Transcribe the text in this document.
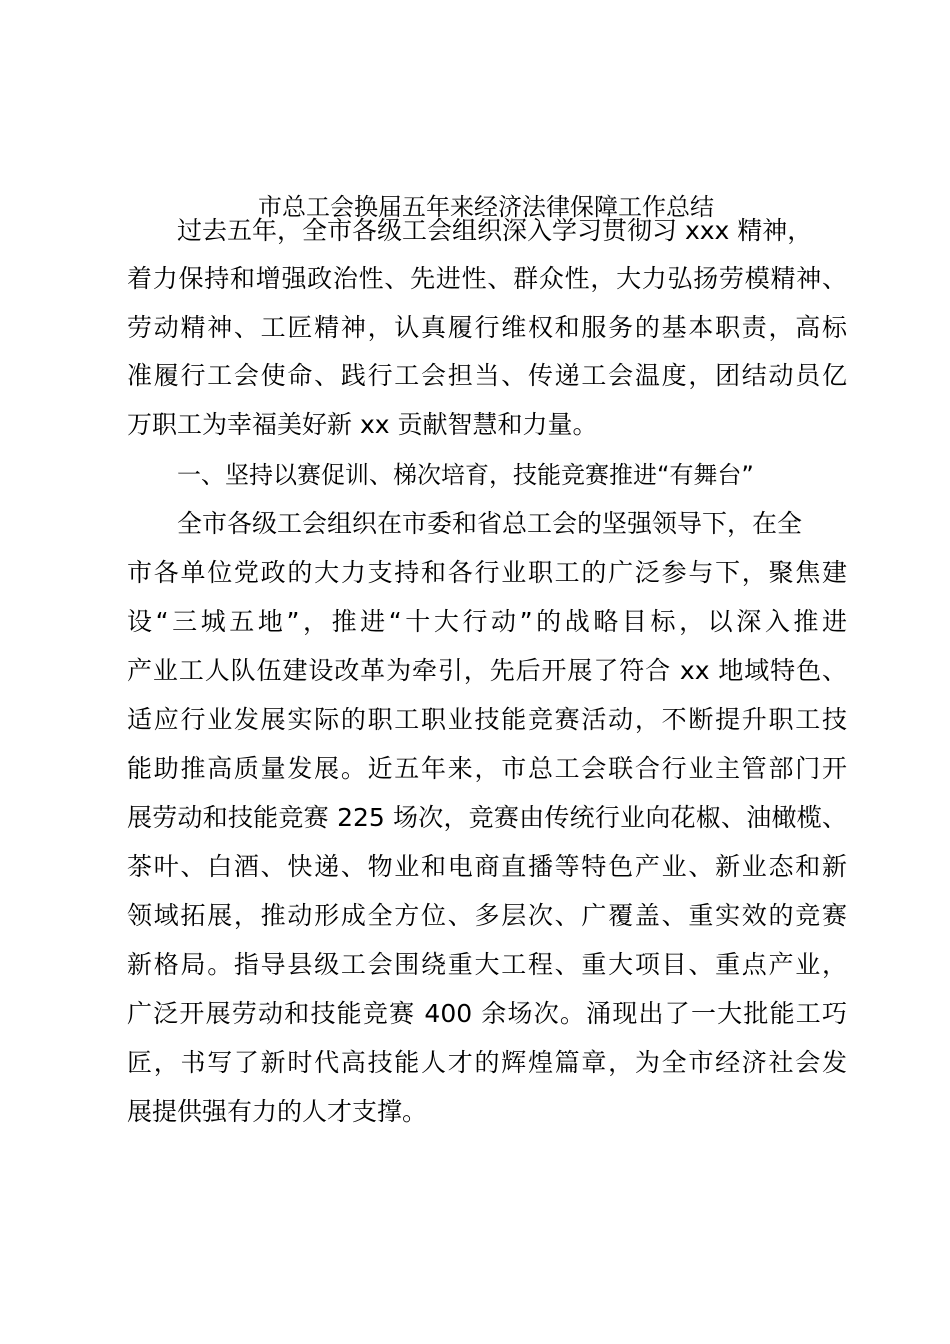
市总工会换届五年来经济法律保障工作总结

过去五年，全市各级工会组织深入学习贯彻习 xxx 精神，

着力保持和增强政治性、先进性、群众性，大力弘扬劳模精神、

劳动精神、工匠精神，认真履行维权和服务的基本职责，高标

准履行工会使命、践行工会担当、传递工会温度，团结动员亿

万职工为幸福美好新 xx 贡献智慧和力量。

一、坚持以赛促训、梯次培育，技能竞赛推进“有舞台”

全市各级工会组织在市委和省总工会的坚强领导下，在全

市各单位党政的大力支持和各行业职工的广泛参与下，聚焦建

设“三城五地”，推进“十大行动”的战略目标，以深入推进

产业工人队伍建设改革为牵引，先后开展了符合 xx 地域特色、

适应行业发展实际的职工职业技能竞赛活动，不断提升职工技

能助推高质量发展。近五年来，市总工会联合行业主管部门开

展劳动和技能竞赛 225 场次，竞赛由传统行业向花椒、油橄榄、

茶叶、白酒、快递、物业和电商直播等特色产业、新业态和新

领域拓展，推动形成全方位、多层次、广覆盖、重实效的竞赛

新格局。指导县级工会围绕重大工程、重大项目、重点产业，

广泛开展劳动和技能竞赛 400 余场次。涌现出了一大批能工巧

匠，书写了新时代高技能人才的辉煌篇章，为全市经济社会发

展提供强有力的人才支撑。
